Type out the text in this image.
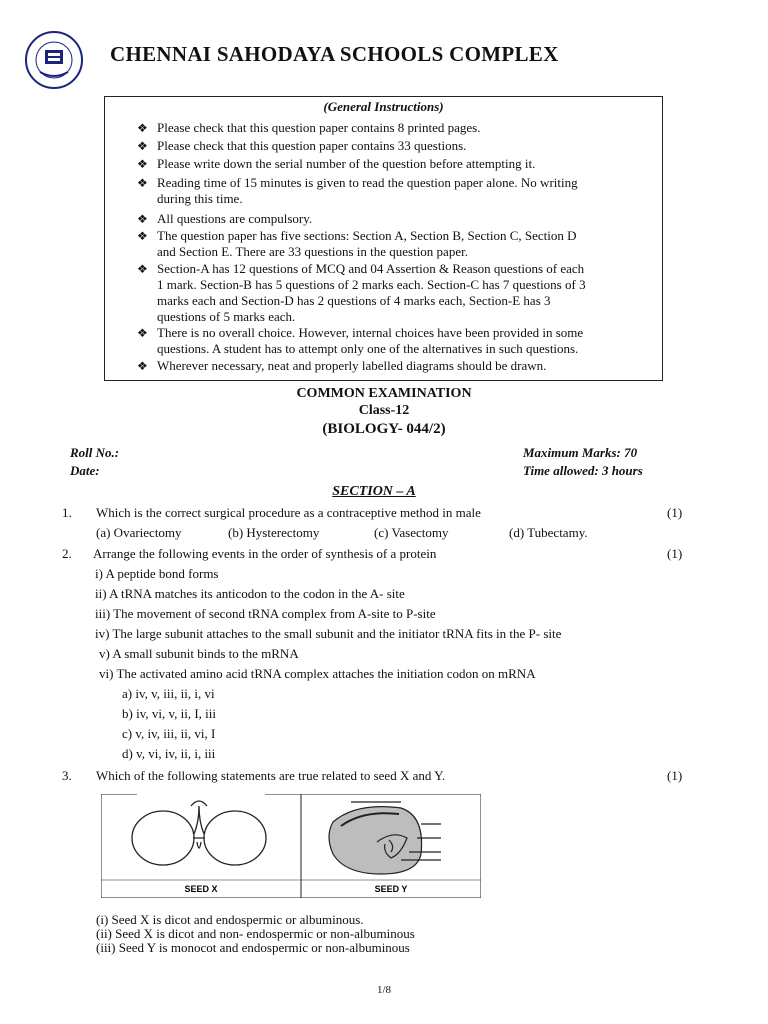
CHENNAI SAHODAYA SCHOOLS COMPLEX
(General Instructions)
❖ Please check that this question paper contains 8 printed pages.
❖ Please check that this question paper contains 33 questions.
❖ Please write down the serial number of the question before attempting it.
❖ Reading time of 15 minutes is given to read the question paper alone. No writing
during this time.
❖ All questions are compulsory.
❖ The question paper has five sections: Section A, Section B, Section C, Section D
and Section E. There are 33 questions in the question paper.
❖ Section-A has 12 questions of MCQ and 04 Assertion & Reason questions of each
1 mark. Section-B has 5 questions of 2 marks each. Section-C has 7 questions of 3
marks each and Section-D has 2 questions of 4 marks each, Section-E has 3
questions of 5 marks each.
❖ There is no overall choice. However, internal choices have been provided in some
questions. A student has to attempt only one of the alternatives in such questions.
❖ Wherever necessary, neat and properly labelled diagrams should be drawn.
COMMON EXAMINATION
Class-12
(BIOLOGY- 044/2)
Roll No.:
Date:
Maximum Marks: 70
Time allowed: 3 hours
SECTION – A
1. Which is the correct surgical procedure as a contraceptive method in male	(1)
(a) Ovariectomy	(b) Hysterectomy	(c) Vasectomy	(d) Tubectamy.
2. Arrange the following events in the order of synthesis of a protein	(1)
i) A peptide bond forms
ii) A tRNA matches its anticodon to the codon in the A- site
iii) The movement of second tRNA complex from A-site to P-site
iv) The large subunit attaches to the small subunit and the initiator tRNA fits in the P- site
v) A small subunit binds to the mRNA
vi) The activated amino acid tRNA complex attaches the initiation codon on mRNA
a) iv, v, iii, ii, i, vi
b) iv, vi, v, ii, I, iii
c) v, iv, iii, ii, vi, I
d) v, vi, iv, ii, i, iii
3. Which of the following statements are true related to seed X and Y.	(1)
SEED X	SEED Y
(i) Seed X is dicot and endospermic or albuminous.
(ii) Seed X is dicot and non- endospermic or non-albuminous
(iii) Seed Y is monocot and endospermic or non-albuminous
1/8
